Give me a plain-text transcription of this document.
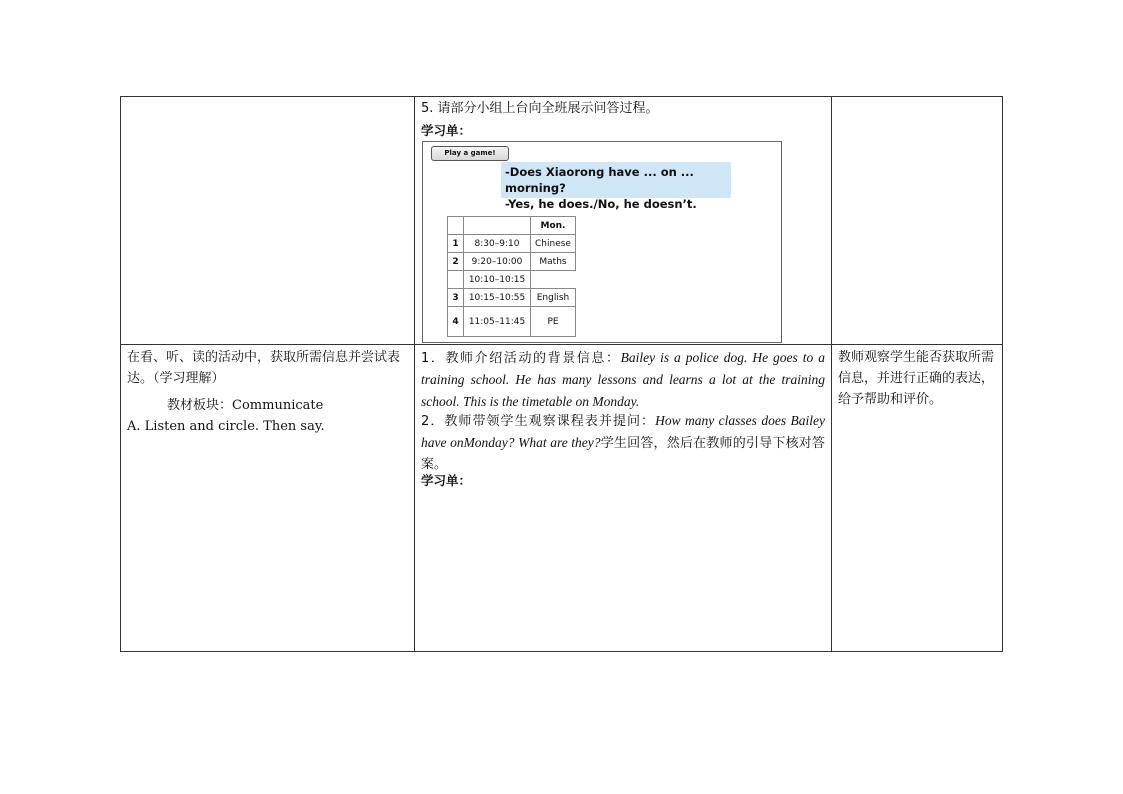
5. 请部分小组上台向全班展示问答过程。
学习单：
Play a game!
-Does Xiaorong have ... on ... morning?
-Yes, he does./No, he doesn’t.
		Mon.
1	8:30–9:10	Chinese
2	9:20–10:00	Maths
	10:10–10:15	
3	10:15–10:55	English
4	11:05–11:45	PE
在看、听、读的活动中，获取所需信息并尝试表达。（学习理解）
教材板块：Communicate
A. Listen and circle. Then say.
1．教师介绍活动的背景信息：Bailey is a police dog. He goes to a training school. He has many lessons and learns a lot at the training school. This is the timetable on Monday.
2．教师带领学生观察课程表并提问：How many classes does Bailey have onMonday? What are they?学生回答，然后在教师的引导下核对答案。
学习单：
教师观察学生能否获取所需信息，并进行正确的表达，给予帮助和评价。
